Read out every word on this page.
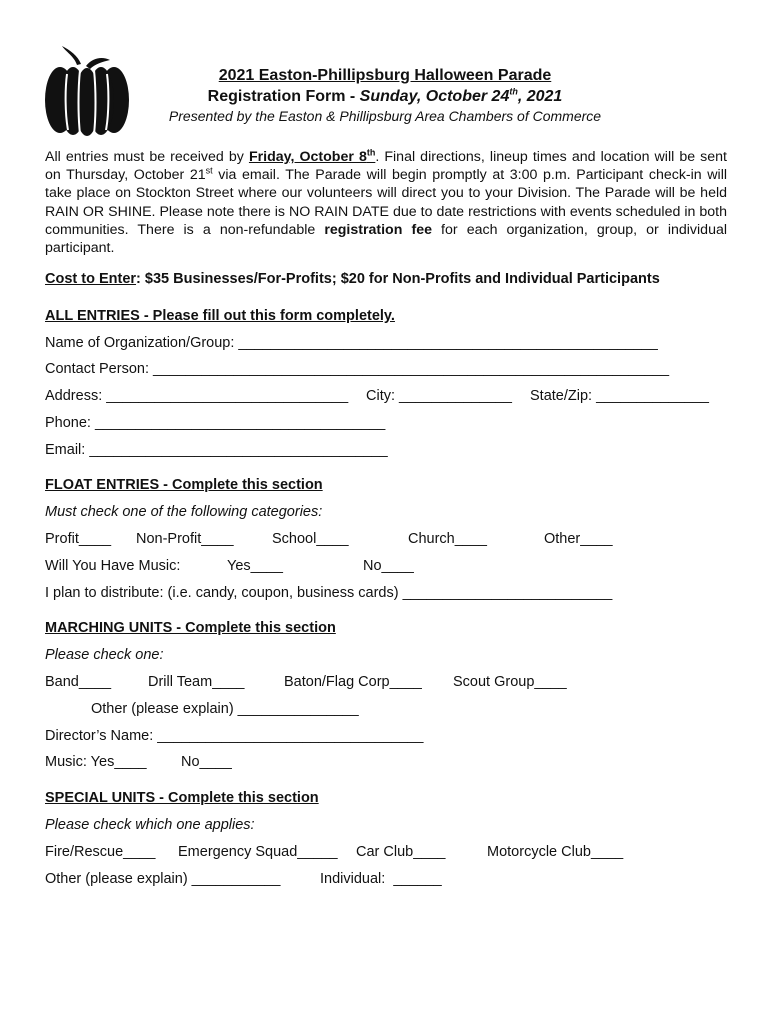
2021 Easton-Phillipsburg Halloween Parade
Registration Form - Sunday, October 24th, 2021
Presented by the Easton & Phillipsburg Area Chambers of Commerce
All entries must be received by Friday, October 8th. Final directions, lineup times and location will be sent on Thursday, October 21st via email. The Parade will begin promptly at 3:00 p.m. Participant check-in will take place on Stockton Street where our volunteers will direct you to your Division. The Parade will be held RAIN OR SHINE. Please note there is NO RAIN DATE due to date restrictions with events scheduled in both communities. There is a non-refundable registration fee for each organization, group, or individual participant.
Cost to Enter: $35 Businesses/For-Profits; $20 for Non-Profits and Individual Participants
ALL ENTRIES - Please fill out this form completely.
Name of Organization/Group: ____________________________________________________
Contact Person: ________________________________________________________________
Address: ______________________________ City: ______________ State/Zip: ______________
Phone: ____________________________________
Email: _____________________________________
FLOAT ENTRIES - Complete this section
Must check one of the following categories:
Profit____ Non-Profit____	School____	Church____	Other____
Will You Have Music:	Yes____	No____
I plan to distribute: (i.e. candy, coupon, business cards) __________________________
MARCHING UNITS - Complete this section
Please check one:
Band____	Drill Team____	Baton/Flag Corp____ Scout Group____
Other (please explain) _______________
Director’s Name: _________________________________
Music: Yes____ No____
SPECIAL UNITS - Complete this section
Please check which one applies:
Fire/Rescue____ Emergency Squad_____ Car Club____	Motorcycle Club____
Other (please explain) ___________	Individual:  ______
